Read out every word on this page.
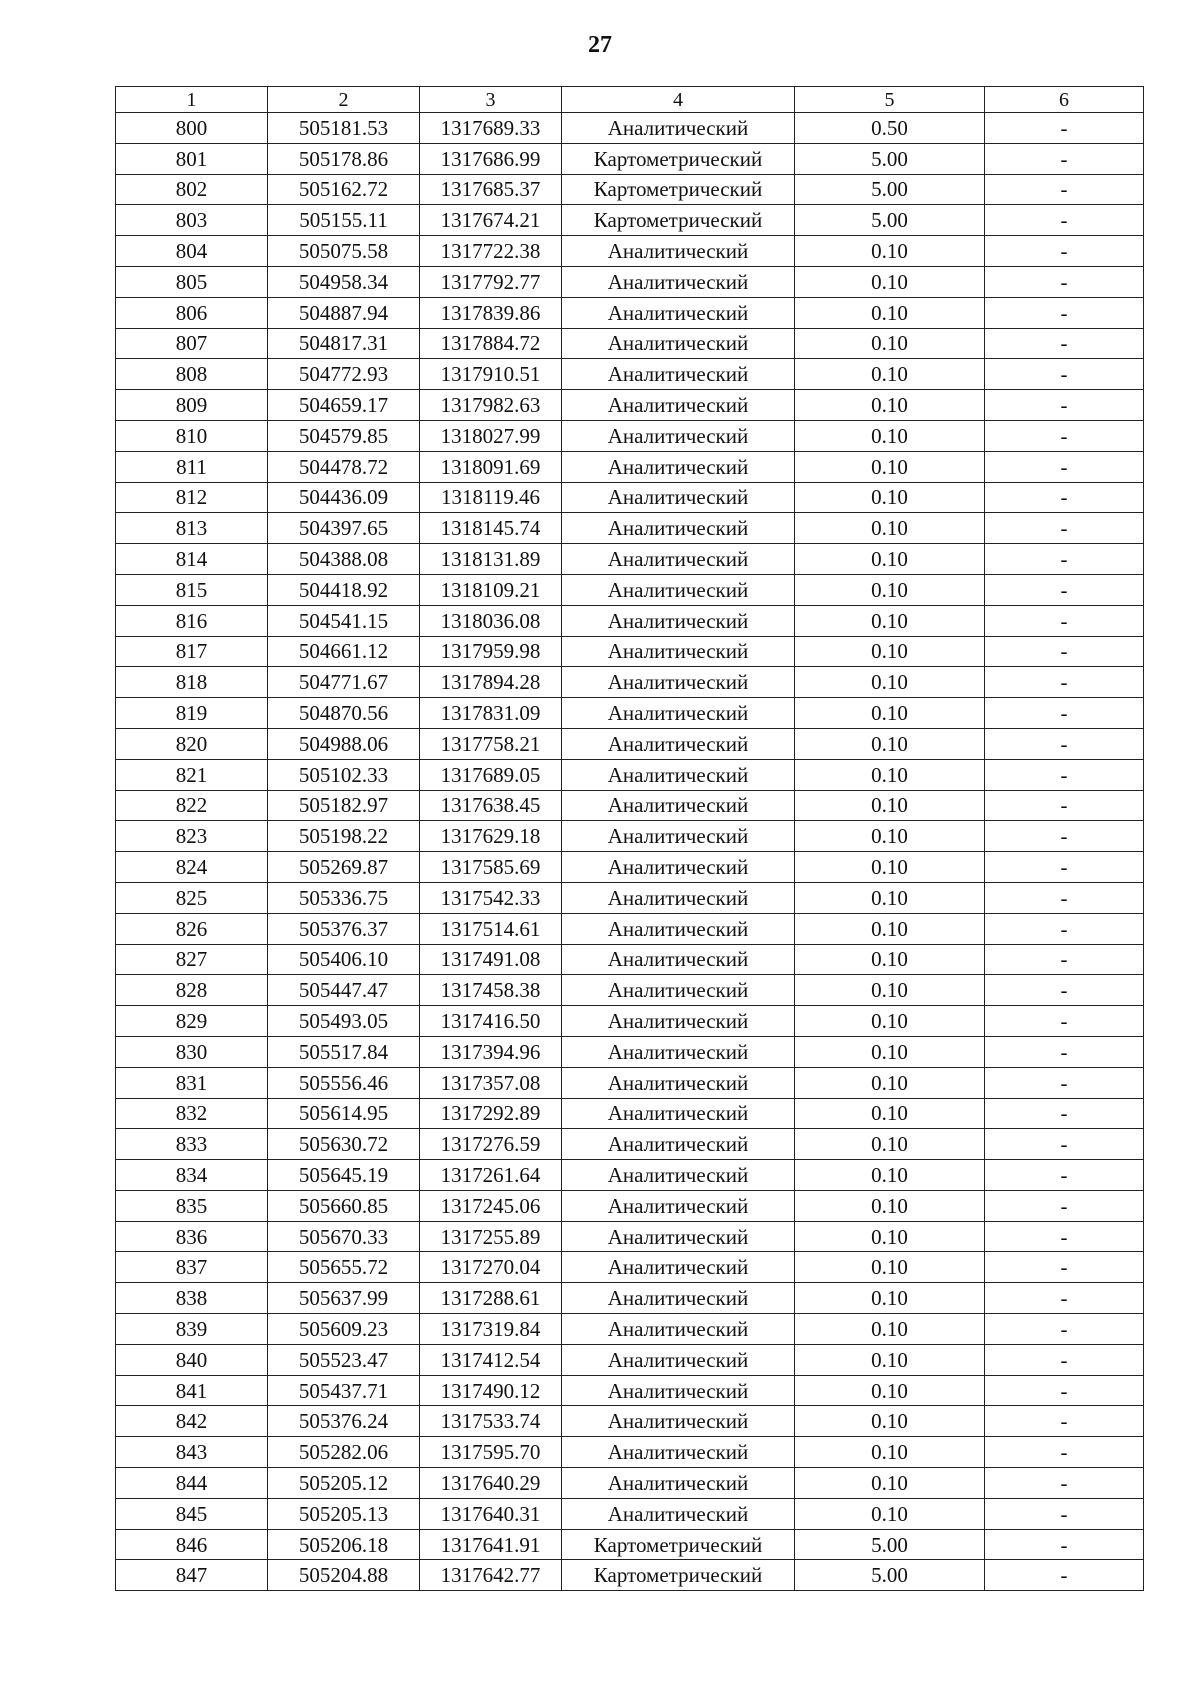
27
1	2	3	4	5	6
800	505181.53	1317689.33	Аналитический	0.50	-
801	505178.86	1317686.99	Картометрический	5.00	-
802	505162.72	1317685.37	Картометрический	5.00	-
803	505155.11	1317674.21	Картометрический	5.00	-
804	505075.58	1317722.38	Аналитический	0.10	-
805	504958.34	1317792.77	Аналитический	0.10	-
806	504887.94	1317839.86	Аналитический	0.10	-
807	504817.31	1317884.72	Аналитический	0.10	-
808	504772.93	1317910.51	Аналитический	0.10	-
809	504659.17	1317982.63	Аналитический	0.10	-
810	504579.85	1318027.99	Аналитический	0.10	-
811	504478.72	1318091.69	Аналитический	0.10	-
812	504436.09	1318119.46	Аналитический	0.10	-
813	504397.65	1318145.74	Аналитический	0.10	-
814	504388.08	1318131.89	Аналитический	0.10	-
815	504418.92	1318109.21	Аналитический	0.10	-
816	504541.15	1318036.08	Аналитический	0.10	-
817	504661.12	1317959.98	Аналитический	0.10	-
818	504771.67	1317894.28	Аналитический	0.10	-
819	504870.56	1317831.09	Аналитический	0.10	-
820	504988.06	1317758.21	Аналитический	0.10	-
821	505102.33	1317689.05	Аналитический	0.10	-
822	505182.97	1317638.45	Аналитический	0.10	-
823	505198.22	1317629.18	Аналитический	0.10	-
824	505269.87	1317585.69	Аналитический	0.10	-
825	505336.75	1317542.33	Аналитический	0.10	-
826	505376.37	1317514.61	Аналитический	0.10	-
827	505406.10	1317491.08	Аналитический	0.10	-
828	505447.47	1317458.38	Аналитический	0.10	-
829	505493.05	1317416.50	Аналитический	0.10	-
830	505517.84	1317394.96	Аналитический	0.10	-
831	505556.46	1317357.08	Аналитический	0.10	-
832	505614.95	1317292.89	Аналитический	0.10	-
833	505630.72	1317276.59	Аналитический	0.10	-
834	505645.19	1317261.64	Аналитический	0.10	-
835	505660.85	1317245.06	Аналитический	0.10	-
836	505670.33	1317255.89	Аналитический	0.10	-
837	505655.72	1317270.04	Аналитический	0.10	-
838	505637.99	1317288.61	Аналитический	0.10	-
839	505609.23	1317319.84	Аналитический	0.10	-
840	505523.47	1317412.54	Аналитический	0.10	-
841	505437.71	1317490.12	Аналитический	0.10	-
842	505376.24	1317533.74	Аналитический	0.10	-
843	505282.06	1317595.70	Аналитический	0.10	-
844	505205.12	1317640.29	Аналитический	0.10	-
845	505205.13	1317640.31	Аналитический	0.10	-
846	505206.18	1317641.91	Картометрический	5.00	-
847	505204.88	1317642.77	Картометрический	5.00	-
